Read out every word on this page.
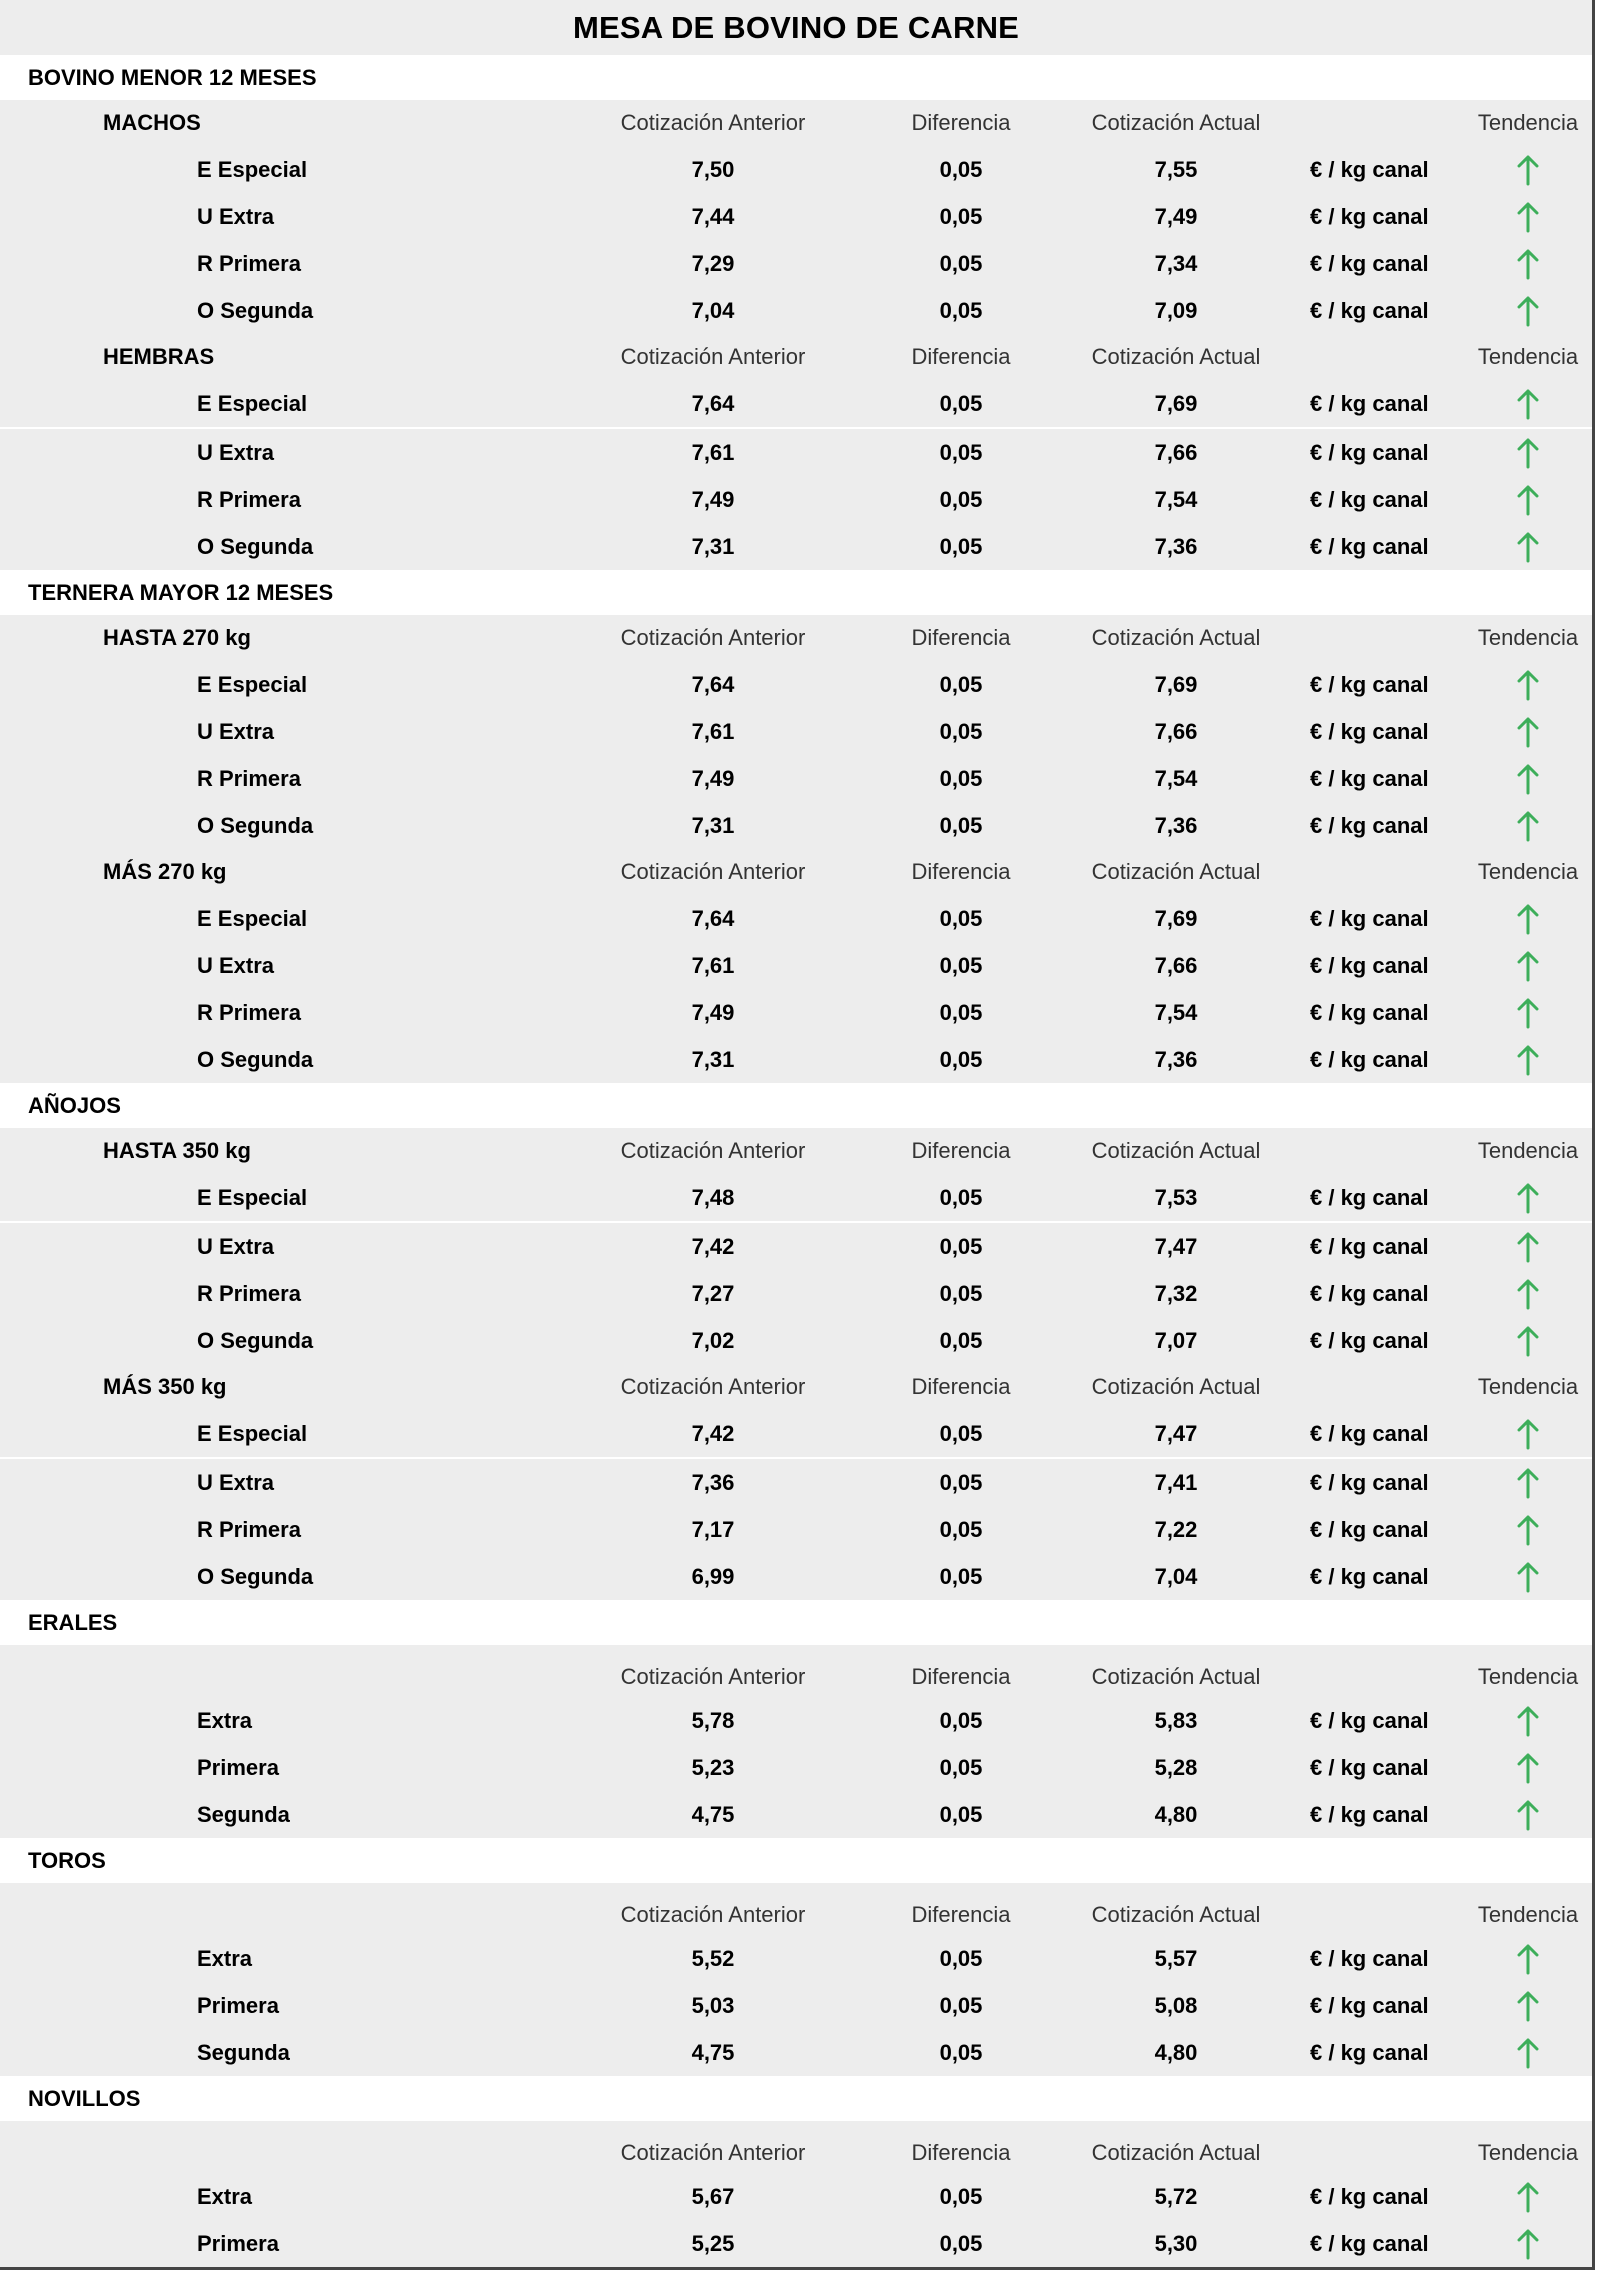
MESA DE BOVINO DE CARNE
BOVINO MENOR 12 MESES
MACHOS	Cotización Anterior	Diferencia	Cotización Actual	Tendencia
E Especial	7,50	0,05	7,55	€ / kg canal
U Extra	7,44	0,05	7,49	€ / kg canal
R Primera	7,29	0,05	7,34	€ / kg canal
O Segunda	7,04	0,05	7,09	€ / kg canal
HEMBRAS	Cotización Anterior	Diferencia	Cotización Actual	Tendencia
E Especial	7,64	0,05	7,69	€ / kg canal
U Extra	7,61	0,05	7,66	€ / kg canal
R Primera	7,49	0,05	7,54	€ / kg canal
O Segunda	7,31	0,05	7,36	€ / kg canal
TERNERA MAYOR 12 MESES
HASTA 270 kg	Cotización Anterior	Diferencia	Cotización Actual	Tendencia
E Especial	7,64	0,05	7,69	€ / kg canal
U Extra	7,61	0,05	7,66	€ / kg canal
R Primera	7,49	0,05	7,54	€ / kg canal
O Segunda	7,31	0,05	7,36	€ / kg canal
MÁS 270 kg	Cotización Anterior	Diferencia	Cotización Actual	Tendencia
E Especial	7,64	0,05	7,69	€ / kg canal
U Extra	7,61	0,05	7,66	€ / kg canal
R Primera	7,49	0,05	7,54	€ / kg canal
O Segunda	7,31	0,05	7,36	€ / kg canal
AÑOJOS
HASTA 350 kg	Cotización Anterior	Diferencia	Cotización Actual	Tendencia
E Especial	7,48	0,05	7,53	€ / kg canal
U Extra	7,42	0,05	7,47	€ / kg canal
R Primera	7,27	0,05	7,32	€ / kg canal
O Segunda	7,02	0,05	7,07	€ / kg canal
MÁS 350 kg	Cotización Anterior	Diferencia	Cotización Actual	Tendencia
E Especial	7,42	0,05	7,47	€ / kg canal
U Extra	7,36	0,05	7,41	€ / kg canal
R Primera	7,17	0,05	7,22	€ / kg canal
O Segunda	6,99	0,05	7,04	€ / kg canal
ERALES
Cotización Anterior	Diferencia	Cotización Actual	Tendencia
Extra	5,78	0,05	5,83	€ / kg canal
Primera	5,23	0,05	5,28	€ / kg canal
Segunda	4,75	0,05	4,80	€ / kg canal
TOROS
Cotización Anterior	Diferencia	Cotización Actual	Tendencia
Extra	5,52	0,05	5,57	€ / kg canal
Primera	5,03	0,05	5,08	€ / kg canal
Segunda	4,75	0,05	4,80	€ / kg canal
NOVILLOS
Cotización Anterior	Diferencia	Cotización Actual	Tendencia
Extra	5,67	0,05	5,72	€ / kg canal
Primera	5,25	0,05	5,30	€ / kg canal
